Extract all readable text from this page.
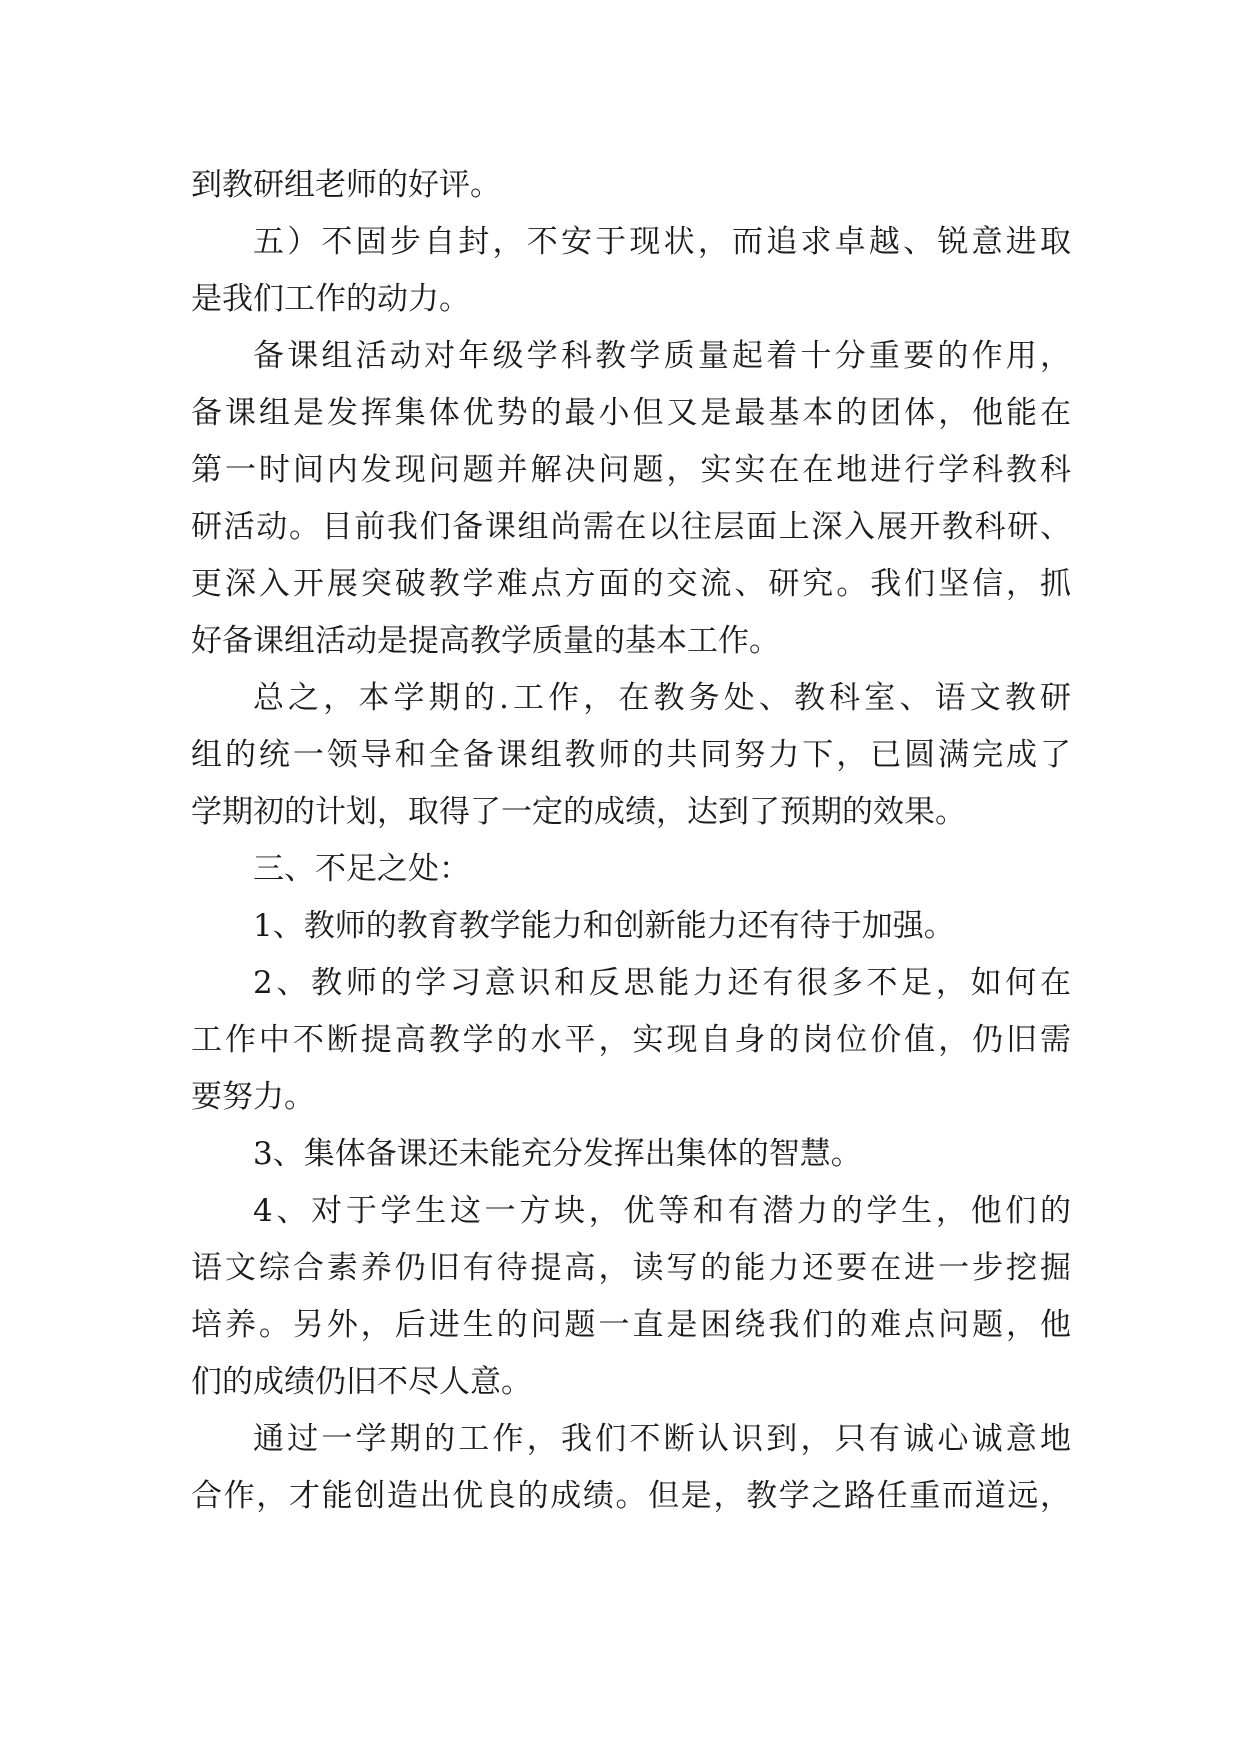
到教研组老师的好评。

五）不固步自封，不安于现状，而追求卓越、锐意进取

是我们工作的动力。

备课组活动对年级学科教学质量起着十分重要的作用，

备课组是发挥集体优势的最小但又是最基本的团体，他能在

第一时间内发现问题并解决问题，实实在在地进行学科教科

研活动。目前我们备课组尚需在以往层面上深入展开教科研、

更深入开展突破教学难点方面的交流、研究。我们坚信，抓

好备课组活动是提高教学质量的基本工作。

总之，本学期的.工作，在教务处、教科室、语文教研

组的统一领导和全备课组教师的共同努力下，已圆满完成了

学期初的计划，取得了一定的成绩，达到了预期的效果。

三、不足之处：

1、教师的教育教学能力和创新能力还有待于加强。

2、教师的学习意识和反思能力还有很多不足，如何在

工作中不断提高教学的水平，实现自身的岗位价值，仍旧需

要努力。

3、集体备课还未能充分发挥出集体的智慧。

4、对于学生这一方块，优等和有潜力的学生，他们的

语文综合素养仍旧有待提高，读写的能力还要在进一步挖掘

培养。另外，后进生的问题一直是困绕我们的难点问题，他

们的成绩仍旧不尽人意。

通过一学期的工作，我们不断认识到，只有诚心诚意地

合作，才能创造出优良的成绩。但是，教学之路任重而道远，
